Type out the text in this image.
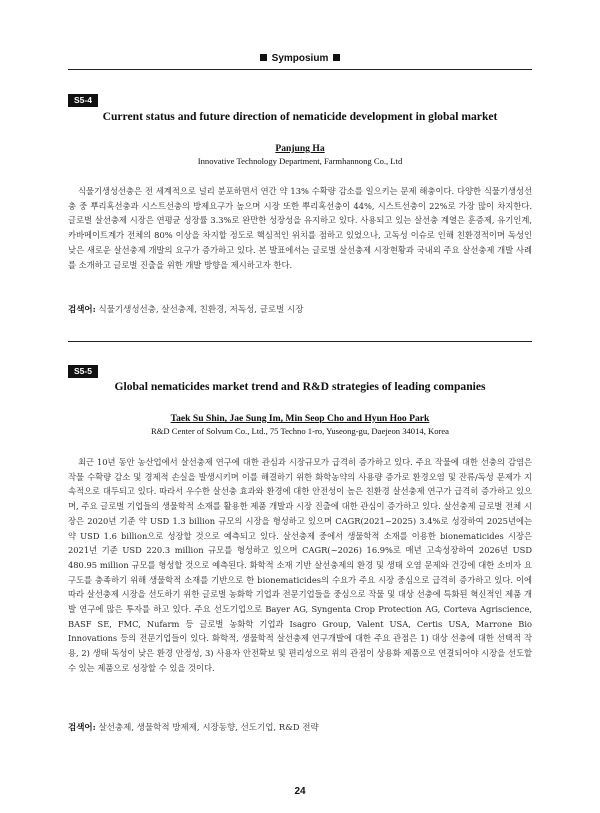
Symposium
S5-4
Current status and future direction of nematicide development in global market
Panjung Ha
Innovative Technology Department, Farmhannong Co., Ltd
식물기생성선충은 전 세계적으로 널리 분포하면서 연간 약 13% 수확량 감소를 일으키는 문제 해충이다. 다양한 식물기생성선충 중 뿌리혹선충과 시스트선충의 방제요구가 높으며 시장 또한 뿌리혹선충이 44%, 시스트선충이 22%로 가장 많이 차지한다. 글로벌 살선충제 시장은 연평균 성장률 3.3%로 완만한 성장성을 유지하고 있다. 사용되고 있는 살선충 계열은 훈증제, 유기인계, 카바메이트계가 전체의 80% 이상을 차지할 정도로 핵심적인 위치를 점하고 있었으나, 고독성 이슈로 인해 친환경적이며 독성인 낮은 새로운 살선충제 개발의 요구가 증가하고 있다. 본 발표에서는 글로벌 살선충제 시장현황과 국내외 주요 살선충제 개발 사례를 소개하고 글로벌 진출을 위한 개발 방향을 제시하고자 한다.
검색어: 식물기생성선충, 살선충제, 친환경, 저독성, 글로벌 시장
S5-5
Global nematicides market trend and R&D strategies of leading companies
Taek Su Shin, Jae Sung Im, Min Seop Cho and Hyun Hoo Park
R&D Center of Solvum Co., Ltd., 75 Techno 1-ro, Yuseong-gu, Daejeon 34014, Korea
최근 10년 동안 농산업에서 살선충제 연구에 대한 관심과 시장규모가 급격히 증가하고 있다. 주요 작물에 대한 선충의 감염은 작물 수확량 감소 및 경제적 손실을 발생시키며 이를 해결하기 위한 화학농약의 사용량 증가로 환경오염 및 잔류/독성 문제가 지속적으로 대두되고 있다. 따라서 우수한 살선충 효과와 환경에 대한 안전성이 높은 친환경 살선충제 연구가 급격히 증가하고 있으며, 주요 글로벌 기업들의 생물학적 소재를 활용한 제품 개발과 시장 진출에 대한 관심이 증가하고 있다. 살선충제 글로벌 전체 시장은 2020년 기준 약 USD 1.3 billion 규모의 시장을 형성하고 있으며 CAGR(2021~2025) 3.4%로 성장하여 2025년에는 약 USD 1.6 billion으로 성장할 것으로 예측되고 있다. 살선충제 중에서 생물학적 소재를 이용한 bionematicides 시장은 2021년 기준 USD 220.3 million 규모를 형성하고 있으며 CAGR(~2026) 16.9%로 매년 고속성장하여 2026년 USD 480.95 million 규모를 형성할 것으로 예측된다. 화학적 소재 기반 살선충제의 환경 및 생태 오염 문제와 건강에 대한 소비자 요구도를 충족하기 위해 생물학적 소재를 기반으로 한 bionematicides의 수요가 주요 시장 중심으로 급격히 증가하고 있다. 이에 따라 살선충제 시장을 선도하기 위한 글로벌 농화학 기업과 전문기업들을 중심으로 작물 및 대상 선충에 특화된 혁신적인 제품 개발 연구에 많은 투자를 하고 있다. 주요 선도기업으로 Bayer AG, Syngenta Crop Protection AG, Corteva Agriscience, BASF SE, FMC, Nufarm 등 글로벌 농화학 기업과 Isagro Group, Valent USA, Certis USA, Marrone Bio Innovations 등의 전문기업들이 있다. 화학적, 생물학적 살선충제 연구개발에 대한 주요 관점은 1) 대상 선충에 대한 선택적 작용, 2) 생태 독성이 낮은 환경 안정성, 3) 사용자 안전확보 및 편리성으로 위의 관점이 상용화 제품으로 연결되어야 시장을 선도할 수 있는 제품으로 성장할 수 있을 것이다.
검색어: 살선충제, 생물학적 방제제, 시장동향, 선도기업, R&D 전략
24
